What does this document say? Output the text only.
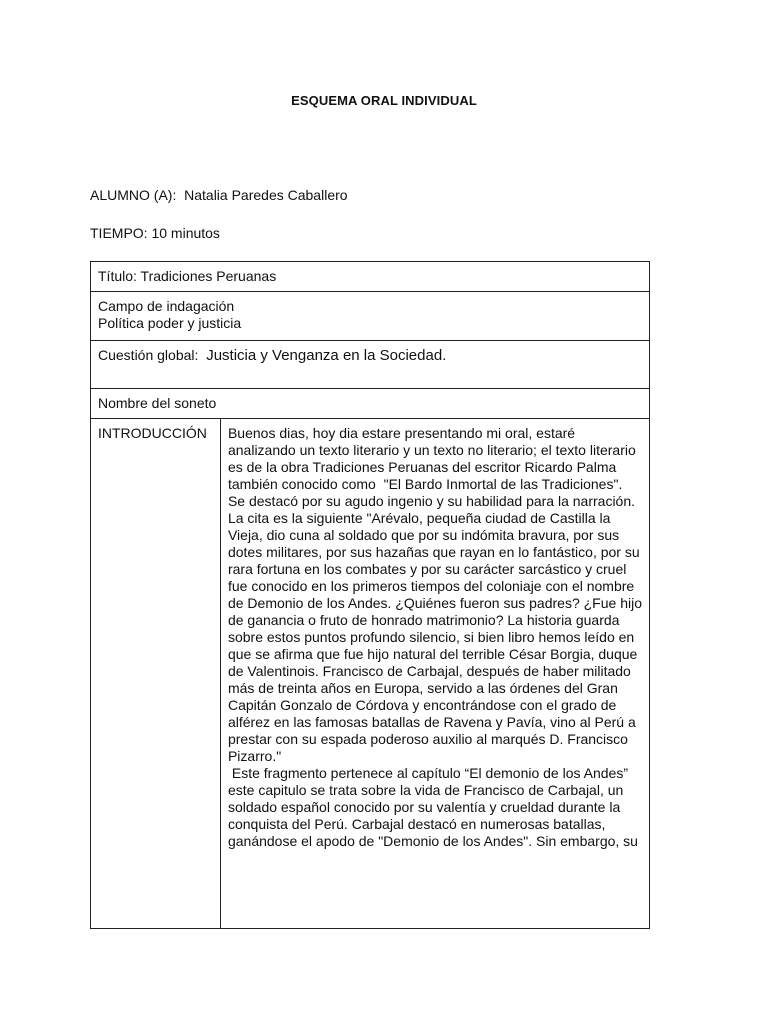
ESQUEMA ORAL INDIVIDUAL
ALUMNO (A): Natalia Paredes Caballero
TIEMPO: 10 minutos
Título: Tradiciones Peruanas

Campo de indagación
Política poder y justicia

Cuestión global: Justicia y Venganza en la Sociedad.
Nombre del soneto
INTRODUCCIÓN	Buenos dias, hoy dia estare presentando mi oral, estaré
analizando un texto literario y un texto no literario; el texto literario
es de la obra Tradiciones Peruanas del escritor Ricardo Palma
también conocido como  "El Bardo Inmortal de las Tradiciones".
Se destacó por su agudo ingenio y su habilidad para la narración.
La cita es la siguiente "Arévalo, pequeña ciudad de Castilla la
Vieja, dio cuna al soldado que por su indómita bravura, por sus
dotes militares, por sus hazañas que rayan en lo fantástico, por su
rara fortuna en los combates y por su carácter sarcástico y cruel
fue conocido en los primeros tiempos del coloniaje con el nombre
de Demonio de los Andes. ¿Quiénes fueron sus padres? ¿Fue hijo
de ganancia o fruto de honrado matrimonio? La historia guarda
sobre estos puntos profundo silencio, si bien libro hemos leído en
que se afirma que fue hijo natural del terrible César Borgia, duque
de Valentinois. Francisco de Carbajal, después de haber militado
más de treinta años en Europa, servido a las órdenes del Gran
Capitán Gonzalo de Córdova y encontrándose con el grado de
alférez en las famosas batallas de Ravena y Pavía, vino al Perú a
prestar con su espada poderoso auxilio al marqués D. Francisco
Pizarro."
Este fragmento pertenece al capítulo “El demonio de los Andes”
este capitulo se trata sobre la vida de Francisco de Carbajal, un
soldado español conocido por su valentía y crueldad durante la
conquista del Perú. Carbajal destacó en numerosas batallas,
ganándose el apodo de "Demonio de los Andes". Sin embargo, su
